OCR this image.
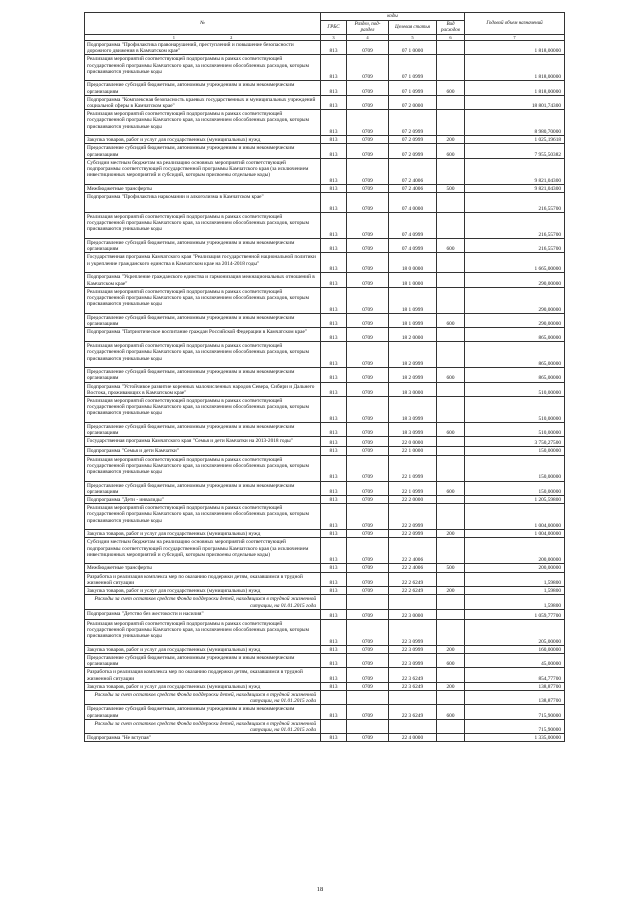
№	коды				Годовой объем назначений
	ГРБС	Раздел, под-раздел	Целевая статья	Вид расходов	
1 2	3	4	5	6	7
Подпрограмма "Профилактика правонарушений, преступлений и повышение безопасности дорожного движения в Камчатском крае"	813	0709	07 1 0000		1 818,00000
Реализация мероприятий соответствующей подпрограммы в рамках соответствующей государственной программы Камчатского края, за исключением обособленных расходов, которым присваиваются уникальные коды	813	0709	07 1 0999		1 818,00000
Предоставление субсидий бюджетным, автономным учреждениям и иным некоммерческим организациям	813	0709	07 1 0999	600	1 818,00000
Подпрограмма "Комплексная безопасность краевых государственных и муниципальных учреждений социальной сферы в Камчатском крае"	813	0709	07 2 0000		18 801,74300
Реализация мероприятий соответствующей подпрограммы в рамках соответствующей государственной программы Камчатского края, за исключением обособленных расходов, которым присваиваются уникальные коды	813	0709	07 2 0999		8 980,70000
Закупка товаров, работ и услуг для государственных (муниципальных) нужд	813	0709	07 2 0999	200	1 025,19618
Предоставление субсидий бюджетным, автономным учреждениям и иным некоммерческим организациям	813	0709	07 2 0999	600	7 955,50382
Субсидии местным бюджетам на реализацию основных мероприятий соответствующей подпрограммы соответствующей государственной программы Камчатского края (за исключением инвестиционных мероприятий и субсидий, которым присвоены отдельные коды)	813	0709	07 2 4006		9 821,04300
Межбюджетные трансферты	813	0709	07 2 4006	500	9 821,04300
Подпрограмма "Профилактика наркомании и алкоголизма в Камчатском крае"	813	0709	07 4 0000		216,55700
Реализация мероприятий соответствующей подпрограммы в рамках соответствующей государственной программы Камчатского края, за исключением обособленных расходов, которым присваиваются уникальные коды	813	0709	07 4 0999		216,55700
Предоставление субсидий бюджетным, автономным учреждениям и иным некоммерческим организациям	813	0709	07 4 0999	600	216,55700
Государственная программа Камчатского края "Реализация государственной национальной политики и укрепление гражданского единства в Камчатском крае на 2014-2018 годы"	813	0709	18 0 0000		1 665,00000
Подпрограмма "Укрепление гражданского единства и гармонизация межнациональных отношений в Камчатском крае"	813	0709	18 1 0000		290,00000
Реализация мероприятий соответствующей подпрограммы в рамках соответствующей государственной программы Камчатского края, за исключением обособленных расходов, которым присваиваются уникальные коды	813	0709	18 1 0999		290,00000
Предоставление субсидий бюджетным, автономным учреждениям и иным некоммерческим организациям	813	0709	18 1 0999	600	290,00000
Подпрограмма "Патриотическое воспитание граждан Российской Федерации в Камчатском крае"	813	0709	18 2 0000		865,00000
Реализация мероприятий соответствующей подпрограммы в рамках соответствующей государственной программы Камчатского края, за исключением обособленных расходов, которым присваиваются уникальные коды	813	0709	18 2 0999		865,00000
Предоставление субсидий бюджетным, автономным учреждениям и иным некоммерческим организациям	813	0709	18 2 0999	600	865,00000
Подпрограмма "Устойчивое развитие коренных малочисленных народов Севера, Сибири и Дальнего Востока, проживающих в Камчатском крае"	813	0709	18 3 0000		510,00000
Реализация мероприятий соответствующей подпрограммы в рамках соответствующей государственной программы Камчатского края, за исключением обособленных расходов, которым присваиваются уникальные коды	813	0709	18 3 0999		510,00000
Предоставление субсидий бюджетным, автономным учреждениям и иным некоммерческим организациям	813	0709	18 3 0999	600	510,00000
Государственная программа Камчатского края "Семья и дети Камчатки на 2013-2018 годы"	813	0709	22 0 0000		3 750,27500
Подпрограмма "Семья и дети Камчатки"	813	0709	22 1 0000		150,00000
Реализация мероприятий соответствующей подпрограммы в рамках соответствующей государственной программы Камчатского края, за исключением обособленных расходов, которым присваиваются уникальные коды	813	0709	22 1 0999		150,00000
Предоставление субсидий бюджетным, автономным учреждениям и иным некоммерческим организациям	813	0709	22 1 0999	600	150,00000
Подпрограмма "Дети - инвалиды"	813	0709	22 2 0000		1 205,59800
Реализация мероприятий соответствующей подпрограммы в рамках соответствующей государственной программы Камчатского края, за исключением обособленных расходов, которым присваиваются уникальные коды	813	0709	22 2 0999		1 004,00000
Закупка товаров, работ и услуг для государственных (муниципальных) нужд	813	0709	22 2 0999	200	1 004,00000
Субсидии местным бюджетам на реализацию основных мероприятий соответствующей подпрограммы соответствующей государственной программы Камчатского края (за исключением инвестиционных мероприятий и субсидий, которым присвоены отдельные коды)	813	0709	22 2 4006		200,00000
Межбюджетные трансферты	813	0709	22 2 4006	500	200,00000
Разработка и реализация комплекса мер по оказанию поддержки детям, оказавшимся в трудной жизненной ситуации	813	0709	22 2 6249		1,59800
Закупка товаров, работ и услуг для государственных (муниципальных) нужд	813	0709	22 2 6249	200	1,59800
Расходы за счет остатков средств Фонда поддержки детей, находящихся в трудной жизненной ситуации, на 01.01.2015 года					1,59800
Подпрограмма "Детство без жестокости и насилия"	813	0709	22 3 0000		1 059,77700
Реализация мероприятий соответствующей подпрограммы в рамках соответствующей государственной программы Камчатского края, за исключением обособленных расходов, которым присваиваются уникальные коды	813	0709	22 3 0999		205,00000
Закупка товаров, работ и услуг для государственных (муниципальных) нужд	813	0709	22 3 0999	200	160,00000
Предоставление субсидий бюджетным, автономным учреждениям и иным некоммерческим организациям	813	0709	22 3 0999	600	45,00000
Разработка и реализация комплекса мер по оказанию поддержки детям, оказавшимся в трудной жизненной ситуации	813	0709	22 3 6249		854,77700
Закупка товаров, работ и услуг для государственных (муниципальных) нужд	813	0709	22 3 6249	200	138,87700
Расходы за счет остатков средств Фонда поддержки детей, находящихся в трудной жизненной ситуации, на 01.01.2015 года					138,87700
Предоставление субсидий бюджетным, автономным учреждениям и иным некоммерческим организациям	813	0709	22 3 6249	600	715,90000
Расходы за счет остатков средств Фонда поддержки детей, находящихся в трудной жизненной ситуации, на 01.01.2015 года					715,90000
Подпрограмма "Не вступая"	813	0709	22 4 0000		1 335,00000
18
